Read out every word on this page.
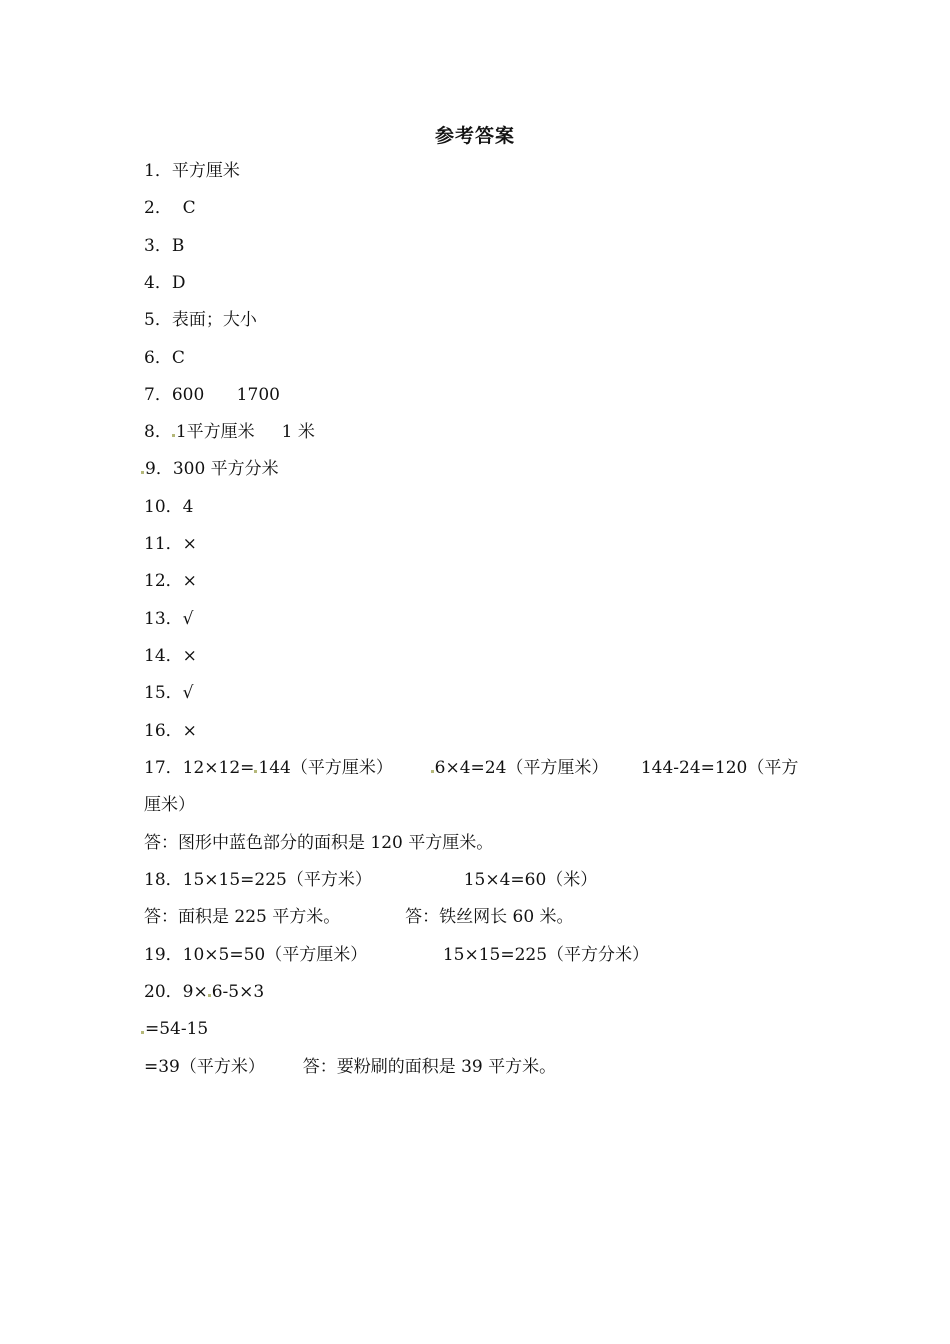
参考答案
1．平方厘米
2．  C
3．B
4．D
5．表面；大小
6．C
7．600      1700
8． 1平方厘米     1 米
9．300 平方分米
10．4
11．×
12．×
13．√
14．×
15．√
16．×
17．12×12= 144（平方厘米）       6×4=24（平方厘米）      144-24=120（平方
厘米）
答：图形中蓝色部分的面积是 120 平方厘米。
18．15×15=225（平方米）                 15×4=60（米）
答：面积是 225 平方米。            答：铁丝网长 60 米。
19．10×5=50（平方厘米）              15×15=225（平方分米）
20．9× 6-5×3
=54-15
=39（平方米）       答：要粉刷的面积是 39 平方米。
